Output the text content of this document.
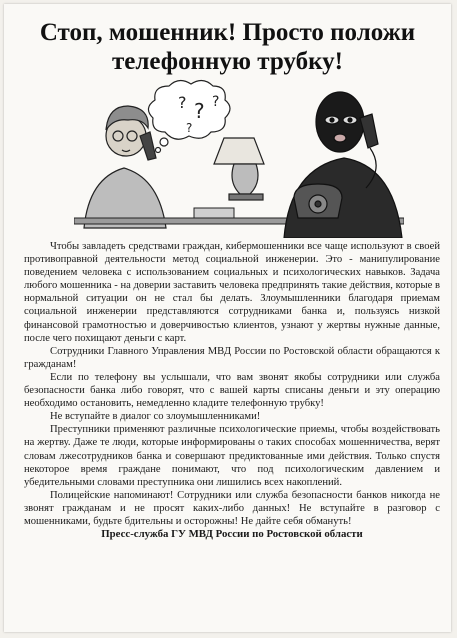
Стоп, мошенник! Просто положи
телефонную трубку!
? ? ?
?

Чтобы завладеть средствами граждан, кибермошенники все чаще используют в своей противоправной деятельности метод социальной инженерии. Это - манипулирование поведением человека с использованием социальных и психологических навыков. Задача любого мошенника - на доверии заставить человека предпринять такие действия, которые в нормальной ситуации он не стал бы делать. Злоумышленники благодаря приемам социальной инженерии представляются сотрудниками банка и, пользуясь низкой финансовой грамотностью и доверчивостью клиентов, узнают у жертвы нужные данные, после чего похищают деньги с карт.

Сотрудники Главного Управления МВД России по Ростовской области обращаются к гражданам!

Если по телефону вы услышали, что вам звонят якобы сотрудники или служба безопасности банка либо говорят, что с вашей карты списаны деньги и эту операцию необходимо остановить, немедленно кладите телефонную трубку!

Не вступайте в диалог со злоумышленниками!

Преступники применяют различные психологические приемы, чтобы воздействовать на жертву. Даже те люди, которые информированы о таких способах мошенничества, верят словам лжесотрудников банка и совершают предиктованные ими действия. Только спустя некоторое время граждане понимают, что под психологическим давлением и убедительными словами преступника они лишились всех накоплений.

Полицейские напоминают! Сотрудники или служба безопасности банков никогда не звонят гражданам и не просят каких-либо данных! Не вступайте в разговор с мошенниками, будьте бдительны и осторожны! Не дайте себя обмануть!

Пресс-служба ГУ МВД России по Ростовской области
